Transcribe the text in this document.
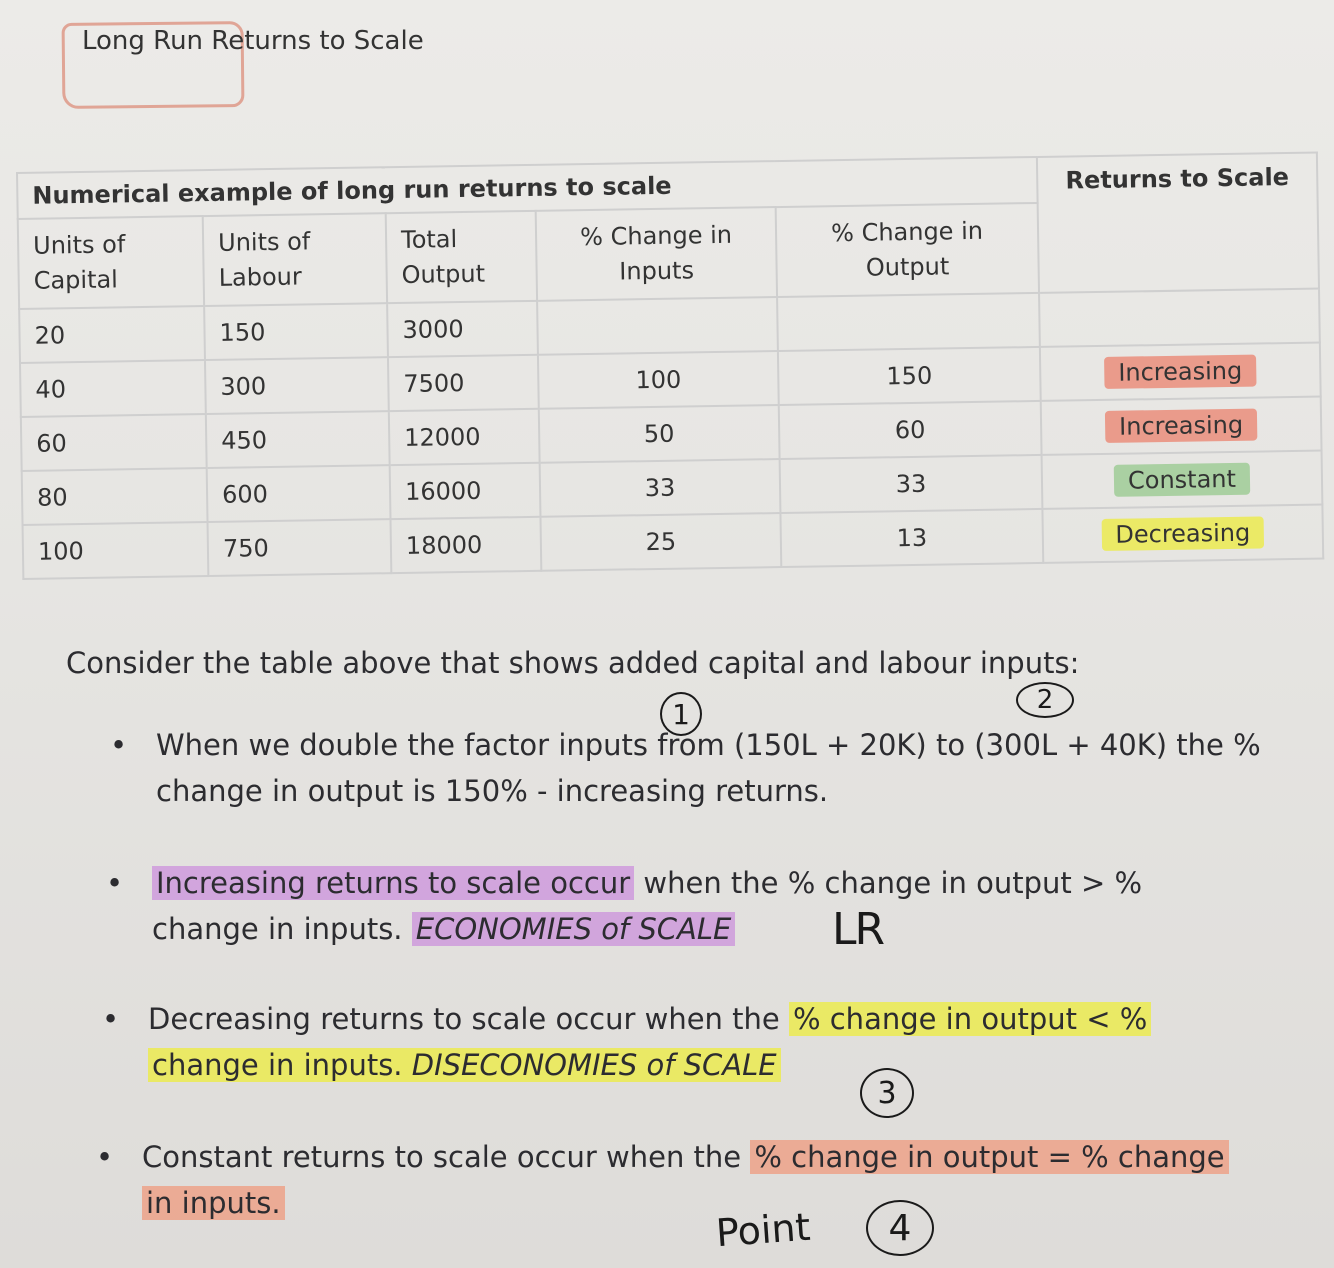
Long Run Returns to Scale
Numerical example of long run returns to scale					Returns to Scale
Units of Capital	Units of Labour	Total Output	% Change in Inputs	% Change in Output	
20	150	3000			
40	300	7500	100	150	Increasing
60	450	12000	50	60	Increasing
80	600	16000	33	33	Constant
100	750	18000	25	13	Decreasing
Consider the table above that shows added capital and labour inputs:
• When we double the factor inputs from (150L + 20K) to (300L + 40K) the % change in output is 150% - increasing returns.
• Increasing returns to scale occur when the % change in output > %
change in inputs. ECONOMIES of SCALE
• Decreasing returns to scale occur when the % change in output < %
change in inputs. DISECONOMIES of SCALE
• Constant returns to scale occur when the % change in output = % change
in inputs.
1	2
3
4
LR
Point
